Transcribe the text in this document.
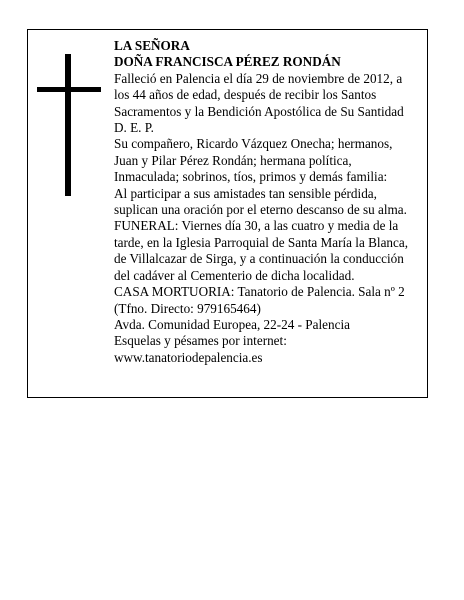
LA SEÑORA
DOÑA FRANCISCA PÉREZ RONDÁN
Falleció en Palencia el día 29 de noviembre de 2012, a
los 44 años de edad, después de recibir los Santos
Sacramentos y la Bendición Apostólica de Su Santidad
D. E. P.
Su compañero, Ricardo Vázquez Onecha; hermanos,
Juan y Pilar Pérez Rondán; hermana política,
Inmaculada; sobrinos, tíos, primos y demás familia:
Al participar a sus amistades tan sensible pérdida,
suplican una oración por el eterno descanso de su alma.
FUNERAL: Viernes día 30, a las cuatro y media de la
tarde, en la Iglesia Parroquial de Santa María la Blanca,
de Villalcazar de Sirga, y a continuación la conducción
del cadáver al Cementerio de dicha localidad.
CASA MORTUORIA: Tanatorio de Palencia. Sala nº 2
(Tfno. Directo: 979165464)
Avda. Comunidad Europea, 22-24 - Palencia
Esquelas y pésames por internet:
www.tanatoriodepalencia.es
